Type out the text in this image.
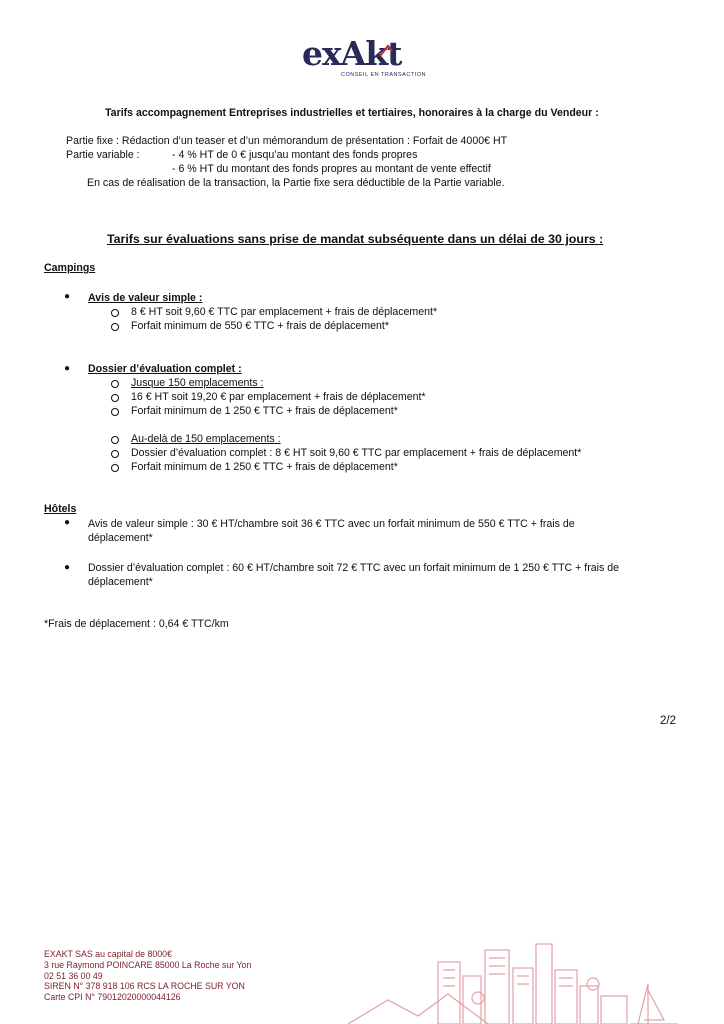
exAkt
CONSEIL EN TRANSACTION
Tarifs accompagnement Entreprises industrielles et tertiaires, honoraires à la charge du Vendeur :
Partie fixe : Rédaction d’un teaser et d’un mémorandum de présentation : Forfait de 4000€ HT
Partie variable :	- 4 % HT de 0 € jusqu’au montant des fonds propres
- 6 % HT du montant des fonds propres au montant de vente effectif
En cas de réalisation de la transaction, la Partie fixe sera déductible de la Partie variable.
Tarifs sur évaluations sans prise de mandat subséquente dans un délai de 30 jours :
Campings
● Avis de valeur simple :
8 € HT soit 9,60 € TTC par emplacement + frais de déplacement*
Forfait minimum de 550 € TTC + frais de déplacement*
● Dossier d’évaluation complet :
Jusque 150 emplacements :
16 € HT soit 19,20 € par emplacement + frais de déplacement*
Forfait minimum de 1 250 € TTC + frais de déplacement*
Au-delà de 150 emplacements :
Dossier d’évaluation complet : 8 € HT soit 9,60 € TTC par emplacement + frais de déplacement*
Forfait minimum de 1 250 € TTC + frais de déplacement*
Hôtels
● Avis de valeur simple : 30 € HT/chambre soit 36 € TTC avec un forfait minimum de 550 € TTC + frais de
déplacement*
● Dossier d’évaluation complet : 60 € HT/chambre soit 72 € TTC avec un forfait minimum de 1 250 € TTC + frais de
déplacement*
*Frais de déplacement : 0,64 € TTC/km
2/2
EXAKT SAS au capital de 8000€
3 rue Raymond POINCARE 85000 La Roche sur Yon
02 51 36 00 49
SIREN N° 378 918 106 RCS LA ROCHE SUR YON
Carte CPI N° 79012020000044126
